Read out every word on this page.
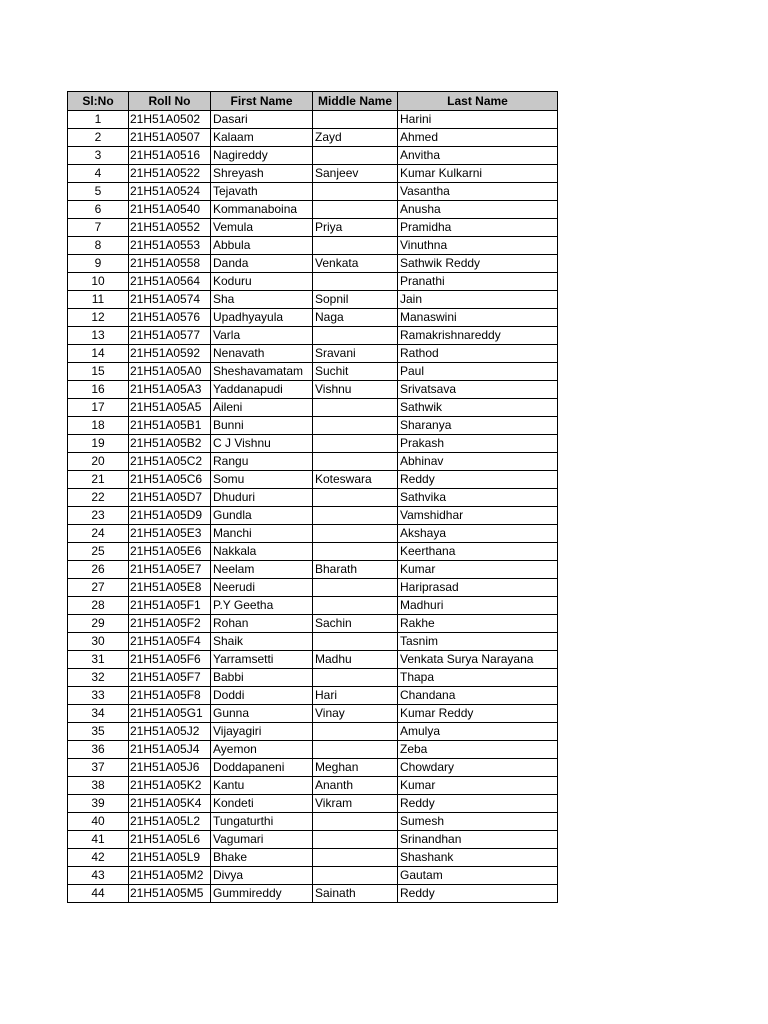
Sl:No	Roll No	First Name	Middle Name	Last Name
1	21H51A0502	Dasari		Harini
2	21H51A0507	Kalaam	Zayd	Ahmed
3	21H51A0516	Nagireddy		Anvitha
4	21H51A0522	Shreyash	Sanjeev	Kumar Kulkarni
5	21H51A0524	Tejavath		Vasantha
6	21H51A0540	Kommanaboina		Anusha
7	21H51A0552	Vemula	Priya	Pramidha
8	21H51A0553	Abbula		Vinuthna
9	21H51A0558	Danda	Venkata	Sathwik Reddy
10	21H51A0564	Koduru		Pranathi
11	21H51A0574	Sha	Sopnil	Jain
12	21H51A0576	Upadhyayula	Naga	Manaswini
13	21H51A0577	Varla		Ramakrishnareddy
14	21H51A0592	Nenavath	Sravani	Rathod
15	21H51A05A0	Sheshavamatam	Suchit	Paul
16	21H51A05A3	Yaddanapudi	Vishnu	Srivatsava
17	21H51A05A5	Aileni		Sathwik
18	21H51A05B1	Bunni		Sharanya
19	21H51A05B2	C J Vishnu		Prakash
20	21H51A05C2	Rangu		Abhinav
21	21H51A05C6	Somu	Koteswara	Reddy
22	21H51A05D7	Dhuduri		Sathvika
23	21H51A05D9	Gundla		Vamshidhar
24	21H51A05E3	Manchi		Akshaya
25	21H51A05E6	Nakkala		Keerthana
26	21H51A05E7	Neelam	Bharath	Kumar
27	21H51A05E8	Neerudi		Hariprasad
28	21H51A05F1	P.Y Geetha		Madhuri
29	21H51A05F2	Rohan	Sachin	Rakhe
30	21H51A05F4	Shaik		Tasnim
31	21H51A05F6	Yarramsetti	Madhu	Venkata Surya Narayana
32	21H51A05F7	Babbi		Thapa
33	21H51A05F8	Doddi	Hari	Chandana
34	21H51A05G1	Gunna	Vinay	Kumar Reddy
35	21H51A05J2	Vijayagiri		Amulya
36	21H51A05J4	Ayemon		Zeba
37	21H51A05J6	Doddapaneni	Meghan	Chowdary
38	21H51A05K2	Kantu	Ananth	Kumar
39	21H51A05K4	Kondeti	Vikram	Reddy
40	21H51A05L2	Tungaturthi		Sumesh
41	21H51A05L6	Vagumari		Srinandhan
42	21H51A05L9	Bhake		Shashank
43	21H51A05M2	Divya		Gautam
44	21H51A05M5	Gummireddy	Sainath	Reddy
